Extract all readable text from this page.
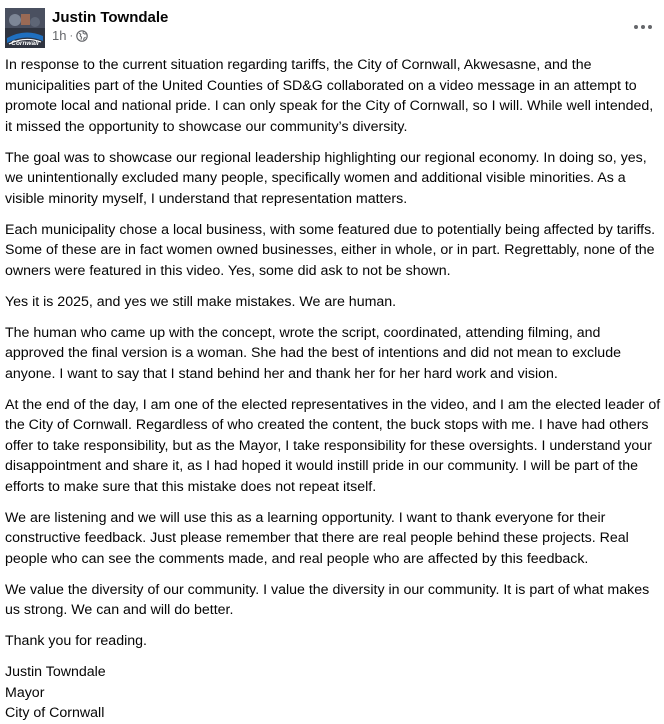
Cornwall
Justin Towndale
1h ·

In response to the current situation regarding tariffs, the City of Cornwall, Akwesasne, and the municipalities part of the United Counties of SD&G collaborated on a video message in an attempt to promote local and national pride. I can only speak for the City of Cornwall, so I will. While well intended, it missed the opportunity to showcase our community’s diversity.

The goal was to showcase our regional leadership highlighting our regional economy. In doing so, yes, we unintentionally excluded many people, specifically women and additional visible minorities. As a visible minority myself, I understand that representation matters.

Each municipality chose a local business, with some featured due to potentially being affected by tariffs. Some of these are in fact women owned businesses, either in whole, or in part. Regrettably, none of the owners were featured in this video. Yes, some did ask to not be shown.

Yes it is 2025, and yes we still make mistakes. We are human.

The human who came up with the concept, wrote the script, coordinated, attending filming, and approved the final version is a woman. She had the best of intentions and did not mean to exclude anyone. I want to say that I stand behind her and thank her for her hard work and vision.

At the end of the day, I am one of the elected representatives in the video, and I am the elected leader of the City of Cornwall. Regardless of who created the content, the buck stops with me. I have had others offer to take responsibility, but as the Mayor, I take responsibility for these oversights. I understand your disappointment and share it, as I had hoped it would instill pride in our community. I will be part of the efforts to make sure that this mistake does not repeat itself.

We are listening and we will use this as a learning opportunity. I want to thank everyone for their constructive feedback. Just please remember that there are real people behind these projects. Real people who can see the comments made, and real people who are affected by this feedback.

We value the diversity of our community. I value the diversity in our community. It is part of what makes us strong. We can and will do better.

Thank you for reading.

Justin Towndale

Mayor

City of Cornwall
